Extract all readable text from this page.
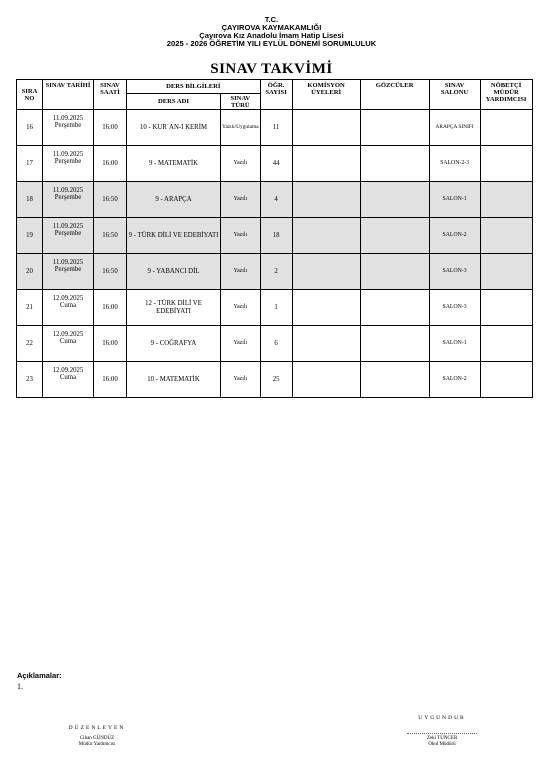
T.C.
ÇAYIROVA KAYMAKAMLIĞI
Çayırova Kız Anadolu İmam Hatip Lisesi
2025 - 2026 ÖĞRETİM YILI EYLÜL DÖNEMİ SORUMLULUK
SINAV TAKVİMİ
SIRA NO	SINAV TARİHİ	SINAV SAATİ	DERS BİLGİLERİ		ÖĞR. SAYISI	KOMİSYON ÜYELERİ	GÖZCÜLER	SINAV SALONU	NÖBETÇİ MÜDÜR YARDIMCISI
			DERS ADI	SINAV TÜRÜ					
16	11.09.2025
Perşembe	16:00	10 - KUR`AN-I KERİM	Yazılı/Uygulama	11			ARAPÇA SINIFI	
17	11.09.2025
Perşembe	16:00	9 - MATEMATİK	Yazılı	44			SALON-2-3	
18	11.09.2025
Perşembe	16:50	9 - ARAPÇA	Yazılı	4			SALON-1	
19	11.09.2025
Perşembe	16:50	9 - TÜRK DİLİ VE EDEBİYATI	Yazılı	18			SALON-2	
20	11.09.2025
Perşembe	16:50	9 - YABANCI DİL	Yazılı	2			SALON-3	
21	12.09.2025
Cuma	16:00	12 - TÜRK DİLİ VE EDEBİYATI	Yazılı	1			SALON-3	
22	12.09.2025
Cuma	16:00	9 - COĞRAFYA	Yazılı	6			SALON-1	
23	12.09.2025
Cuma	16:00	10 - MATEMATİK	Yazılı	25			SALON-2	
Açıklamalar:
1.
DÜZENLEYEN
Cihan GÜNDÜZ
Müdür Yardımcısı
UYGUNDUR
Zeki TÜNCER
Okul Müdürü
